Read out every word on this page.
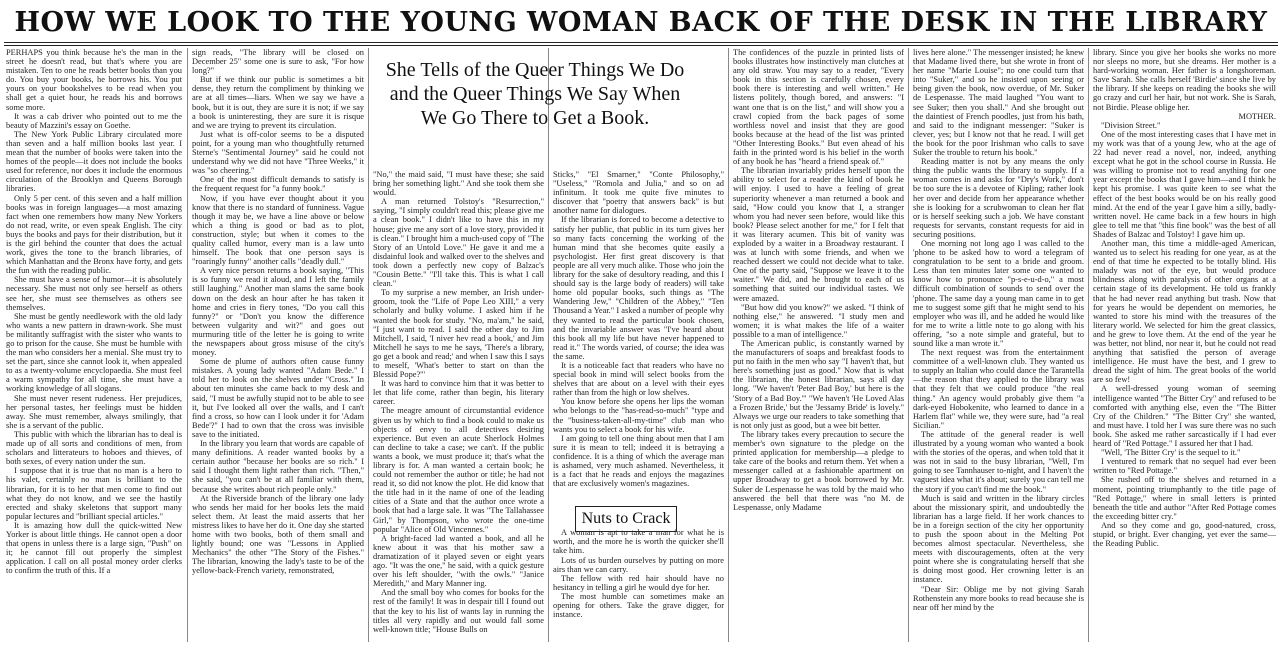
HOW WE LOOK TO THE YOUNG WOMAN BACK OF THE DESK IN THE LIBRARY

PERHAPS you think because he's the man in the street he doesn't read, but that's where you are mistaken. Ten to one he reads better books than you do. You buy your books, he borrows his. You put yours on your bookshelves to be read when you shall get a quiet hour, he reads his and borrows some more.

It was a cab driver who pointed out to me the beauty of Mazzini's essay on Goethe.

The New York Public Library circulated more than seven and a half million books last year. I mean that the number of books were taken into the homes of the people—it does not include the books used for reference, nor does it include the enormous circulation of the Brooklyn and Queens Borough libraries.

Only 5 per cent. of this seven and a half million books was in foreign languages—a most amazing fact when one remembers how many New Yorkers do not read, write, or even speak English. The city buys the books and pays for their distribution, but it is the girl behind the counter that does the actual work, gives the tone to the branch libraries, of which Manhattan and the Bronx have forty, and gets the fun with the reading public.

She must have a sense of humor—it is absolutely necessary. She must not only see herself as others see her, she must see themselves as others see themselves.

She must be gently needlework with the old lady who wants a new pattern in drawn-work. She must be militantly suffragist with the sister who wants to go to prison for the cause. She must be humble with the man who considers her a menial. She must try to set the part, since she cannot look it, when appealed to as a twenty-volume encyclopaedia. She must feel a warm sympathy for all time, she must have a working knowledge of all slogans.

She must never resent rudeness. Her prejudices, her personal tastes, her feelings must be hidden away. She must remember, always smilingly, that she is a servant of the public.

This public with which the librarian has to deal is made up of all sorts and conditions of men, from scholars and litterateurs to hoboes and thieves, of both sexes, of every nation under the sun.

I suppose that it is true that no man is a hero to his valet, certainly no man is brilliant to the librarian, for it is to her that men come to find out what they do not know, and we see the hastily erected and shaky skeletons that support many popular lectures and "brilliant special articles."

It is amazing how dull the quick-witted New Yorker is about little things. He cannot open a door that opens in unless there is a large sign, "Push" on it; he cannot fill out properly the simplest application. I call on all postal money order clerks to confirm the truth of this. If a

sign reads, "The library will be closed on December 25" some one is sure to ask, "For how long?"

But if we think our public is sometimes a bit dense, they return the compliment by thinking we are at all times—liars. When we say we have a book, but it is out, they are sure it is not; if we say a book is uninteresting, they are sure it is risque and we are trying to prevent its circulation.

Just what is off-color seems to be a disputed point, for a young man who thoughtfully returned Sterne's "Sentimental Journey" said he could not understand why we did not have "Three Weeks," it was "so cheering."

One of the most difficult demands to satisfy is the frequent request for "a funny book."

Now, if you have ever thought about it you know that there is no standard of funniness. Vague though it may be, we have a line above or below which a thing is good or bad as to plot, construction, style; but when it comes to the quality called humor, every man is a law unto himself. The book that one person says is "roaringly funny" another calls "deadly dull."

A very nice person returns a book saying, "This is so funny we read it aloud, and I left the family still laughing." Another man slams the same book down on the desk an hour after he has taken it home and cries in fiery tones, "Do you call this funny?" or "Don't you know the difference between vulgarity and wit?" and goes out murmuring title of the letter he is going to write the newspapers about gross misuse of the city's money.

Some de plume of authors often cause funny mistakes. A young lady wanted "Adam Bede." I told her to look on the shelves under "Cross." In about ten minutes she came back to my desk and said, "I must be awfully stupid not to be able to see it, but I've looked all over the walls, and I can't find a cross, so how can I look under it for 'Adam Bede'?" I had to own that the cross was invisible save to the initiated.

In the library you learn that words are capable of many definitions. A reader wanted books by a certain author "because her books are so rich." I said I thought them light rather than rich. "Then," she said, "you can't be at all familiar with them, because she writes about rich people only."

At the Riverside branch of the library one lady who sends her maid for her books lets the maid select them. At least the maid asserts that her mistress likes to have her do it. One day she started home with two books, both of them small and lightly bound; one was "Lessons in Applied Mechanics" the other "The Story of the Fishes." The librarian, knowing the lady's taste to be of the yellow-back-French variety, remonstrated,

She Tells of the Queer Things We Do and the Queer Things We Say When We Go There to Get a Book.

"No," the maid said, "I must have these; she said bring her something light." And she took them she would.

A man returned Tolstoy's "Resurrection," saying, "I simply couldn't read this; please give me a clean book." I didn't like to have this in my house; give me any sort of a love story, provided it is clean." I brought him a much-used copy of "The Story of an Untold Love." He gave it and me a disdainful look and walked over to the shelves and took down a perfectly new copy of Balzac's "Cousin Bette." "I'll take this. This is what I call clean."

To my surprise a new member, an Irish under-groom, took the "Life of Pope Leo XIII," a very scholarly and bulky volume. I asked him if he wanted the book for study. "No, ma'am," he said, "I just want to read. I said the other day to Jim Mitchell, I said, 'I niver hev read a book,' and Jim Mitchell he says to me he says, 'There's a library, go get a book and read;' and when I saw this I says to meself, 'What's better to start on than the Blessid Pope?'"

It was hard to convince him that it was better to let that life come, rather than begin, his literary career.

The meagre amount of circumstantial evidence given us by which to find a book could to make us objects of envy to all detectives desiring experience. But even an acute Sherlock Holmes can decline to take a case; we can't. If the public wants a book, we must produce it; that's what the library is for. A man wanted a certain book; he could not remember the author or title; he had not read it, so did not know the plot. He did know that the title had in it the name of one of the leading cities of a State and that the author once wrote a book that had a large sale. It was "The Tallahassee Girl," by Thompson, who wrote the one-time popular "Alice of Old Vincennes."

A bright-faced lad wanted a book, and all he knew about it was that his mother saw a dramatization of it played seven or eight years ago. "It was the one," he said, with a quick gesture over his left shoulder, "with the owls." "Janice Meredith," and Mary Manner ing.

And the small boy who comes for books for the rest of the family! It was in despair till I found out that the key to his list of wants lay in running the titles all very rapidly and out would fall some well-known title; "House Bulls on

Sticks," "El Smarner," "Conte Philosophy," "Useless," "Romola and Julia," and so on ad infinitum. It took me quite five minutes to discover that "poetry that answers back" is but another name for dialogues.

If the librarian is forced to become a detective to satisfy her public, that public in its turn gives her so many facts concerning the working of the human mind that she becomes quite easily a psychologist. Her first great discovery is that people are all very much alike. Those who join the library for the sake of desultory reading, and this I should say is the large body of readers) will take home old popular books, such things as "The Wandering Jew," "Children of the Abbey," "Ten Thousand a Year." I asked a number of people why they wanted to read the particular book chosen, and the invariable answer was "I've heard about this book all my life but have never happened to read it." The words varied, of course; the idea was the same.

It is a noticeable fact that readers who have no special book in mind will select books from the shelves that are about on a level with their eyes rather than from the high or low shelves.

You know before she opens her lips the woman who belongs to the "has-read-so-much" "type and the "business-taken-all-my-time" club man who wants you to select a book for his wife.

I am going to tell one thing about men that I am sure it is mean to tell; indeed it is betraying a confidence. It is a thing of which the average man is ashamed, very much ashamed. Nevertheless, it is a fact that he reads and enjoys the magazines that are exclusively women's magazines.

A woman is apt to take a man for what he is worth, and the more he is worth the quicker she'll take him.

Lots of us burden ourselves by putting on more airs than we can carry.

The fellow with red hair should have no hesitancy in telling a girl he would dye for her.

The most humble can sometimes make an opening for others. Take the grave digger, for instance.

Nuts to Crack

The confidences of the puzzle in printed lists of books illustrates how instinctively man clutches at any old straw. You may say to a reader, "Every book in this section is carefully chosen, every book there is interesting and well written." He listens politely, though bored, and answers: "I want one that is on the list," and will show you a crawl copied from the back pages of some worthless novel and insist that they are good books because at the head of the list was printed "Other Interesting Books." But even ahead of his faith in the printed word is his belief in the worth of any book he has "heard a friend speak of."

The librarian invariably prides herself upon the ability to select for a reader the kind of book he will enjoy. I used to have a feeling of great superiority whenever a man returned a book and said, "How could you know that I, a stranger whom you had never seen before, would like this book? Please select another for me," for I felt that it was literary acumen. This bit of vanity was exploded by a waiter in a Broadway restaurant. I was at lunch with some friends, and when we reached dessert we could not decide what to take. One of the party said, "Suppose we leave it to the waiter." We did, and he brought to each of us something that suited our individual tastes. We were amazed.

"But how did you know?" we asked. "I think of nothing else," he answered. "I study men and women; it is what makes the life of a waiter possible to a man of intelligence."

The American public, is constantly warned by the manufacturers of soaps and breakfast foods to put no faith in the men who say "I haven't that, but here's something just as good." Now that is what the librarian, the honest librarian, says all day long. "We haven't 'Peter Bad Boy,' but here is the 'Story of a Bad Boy.'" "We haven't 'He Loved Alas a Frozen Bride,' but the 'Jessamy Bride' is lovely." Always we urge our readers to take something that is not only just as good, but a wee bit better.

The library takes every precaution to secure the member's own signature to the pledge on the printed application for membership—a pledge to take care of the books and return them. Yet when a messenger called at a fashionable apartment on upper Broadway to get a book borrowed by Mr. Suker de Lespenasse he was told by the maid who answered the bell that there was "no M. de Lespenasse, only Madame

lives here alone." The messenger insisted; he knew that Madame lived there, but she wrote in front of her name "Marie Louise"; no one could turn that into "Suker," and so he insisted upon seeing or being given the book, now overdue, of Mr. Suker de Lespenasse. The maid laughed "You want to see Suker; then you shall." And she brought out the daintiest of French poodles, just from his bath, and said to the indignant messenger: "Suker is clever, yes; but I know not that he read. I will get the book for the poor Irishman who calls to save Suker the trouble to return his book."

Reading matter is not by any means the only thing the public wants the library to supply. If a woman comes in and asks for "Dry's Work," don't be too sure the is a devotee of Kipling; rather look her over and decide from her appearance whether she is looking for a scrubwoman to clean her flat or is herself seeking such a job. We have constant requests for servants, constant requests for aid in securing positions.

One morning not long ago I was called to the 'phone to be asked how to word a telegram of congratulation to be sent to a bride and groom. Less than ten minutes later some one wanted to know how to pronounce "p-s-e-u-d-o," a most difficult combination of sounds to send over the 'phone. The same day a young man came in to get me to suggest some gift that he might send to his employer who was ill, and he added he would like for me to write a little note to go along with his offering, "so a note simple and grateful, but to sound like a man wrote it."

The next request was from the entertainment committee of a well-known club. They wanted us to supply an Italian who could dance the Tarantella—the reason that they applied to the library was that they felt that we could produce "the real thing." An agency would probably give them "a dark-eyed Hobokenite, who learned to dance in a Harlem flat" while we, they were sure, had "a real Sicilian."

The attitude of the general reader is well illustrated by a young woman who wanted a book with the stories of the operas, and when told that it was not in said to the busy librarian, "Well, I'm going to see Tannhauser to-night, and I haven't the vaguest idea what it's about; surely you can tell me the story if you can't find me the book."

Much is said and written in the library circles about the missionary spirit, and undoubtedly the librarian has a large field. If her work chances to be in a foreign section of the city her opportunity to push the spoon about in the Melting Pot becomes almost spectacular. Nevertheless, she meets with discouragements, often at the very point where she is congratulating herself that she is doing most good. Her crowning letter is an instance.

"Dear Sir: Oblige me by not giving Sarah Rothenstein any more books to read because she is near off her mind by the

library. Since you give her books she works no more nor sleeps no more, but she dreams. Her mother is a hard-working woman. Her father is a longshoreman. Save Sarah. She calls herself 'Birdie' since she live by the library. If she keeps on reading the books she will go crazy and curl her hair, but not work. She is Sarah, not Birdie. Please oblige her.

MOTHER.

"Division Street."

One of the most interesting cases that I have met in my work was that of a young Jew, who at the age of 22 had never read a novel, nor, indeed, anything except what he got in the school course in Russia. He was willing to promise not to read anything for one year except the books that I gave him—and I think he kept his promise. I was quite keen to see what the effect of the best books would be on his really good mind. At the end of the year I gave him a silly, badly-written novel. He came back in a few hours in high glee to tell me that "this fine book" was the best of all Shades of Balzac and Tolstoy! I gave him up.

Another man, this time a middle-aged American, wanted us to select his reading for one year, as at the end of that time he expected to be totally blind. His malady was not of the eye, but would produce blindness along with paralysis of other organs at a certain stage of its development. He told us frankly that he had never read anything but trash. Now that for years he would be dependent on memories, he wanted to store his mind with the treasures of the literary world. We selected for him the great classics, and he grew to love them. At the end of the year he was better, not blind, nor near it, but he could not read anything that satisfied the person of average intelligence. He must have the best, and I grew to dread the sight of him. The great books of the world are so few!

A well-dressed young woman of seeming intelligence wanted "The Bitter Cry" and refused to be comforted with anything else, even the "The Bitter Cry of the Children." "The Bitter Cry" she wanted, and must have. I told her I was sure there was no such book. She asked me rather sarcastically if I had ever heard of "Red Pottage." I assured her that I had.

"Well, 'The Bitter Cry' is the sequel to it."

I ventured to remark that no sequel had ever been written to "Red Pottage."

She rushed off to the shelves and returned in a moment, pointing triumphantly to the title page of "Red Pottage," where in small letters is printed beneath the title and author "After Red Pottage comes the exceeding bitter cry."

And so they come and go, good-natured, cross, stupid, or bright. Ever changing, yet ever the same—the Reading Public.
